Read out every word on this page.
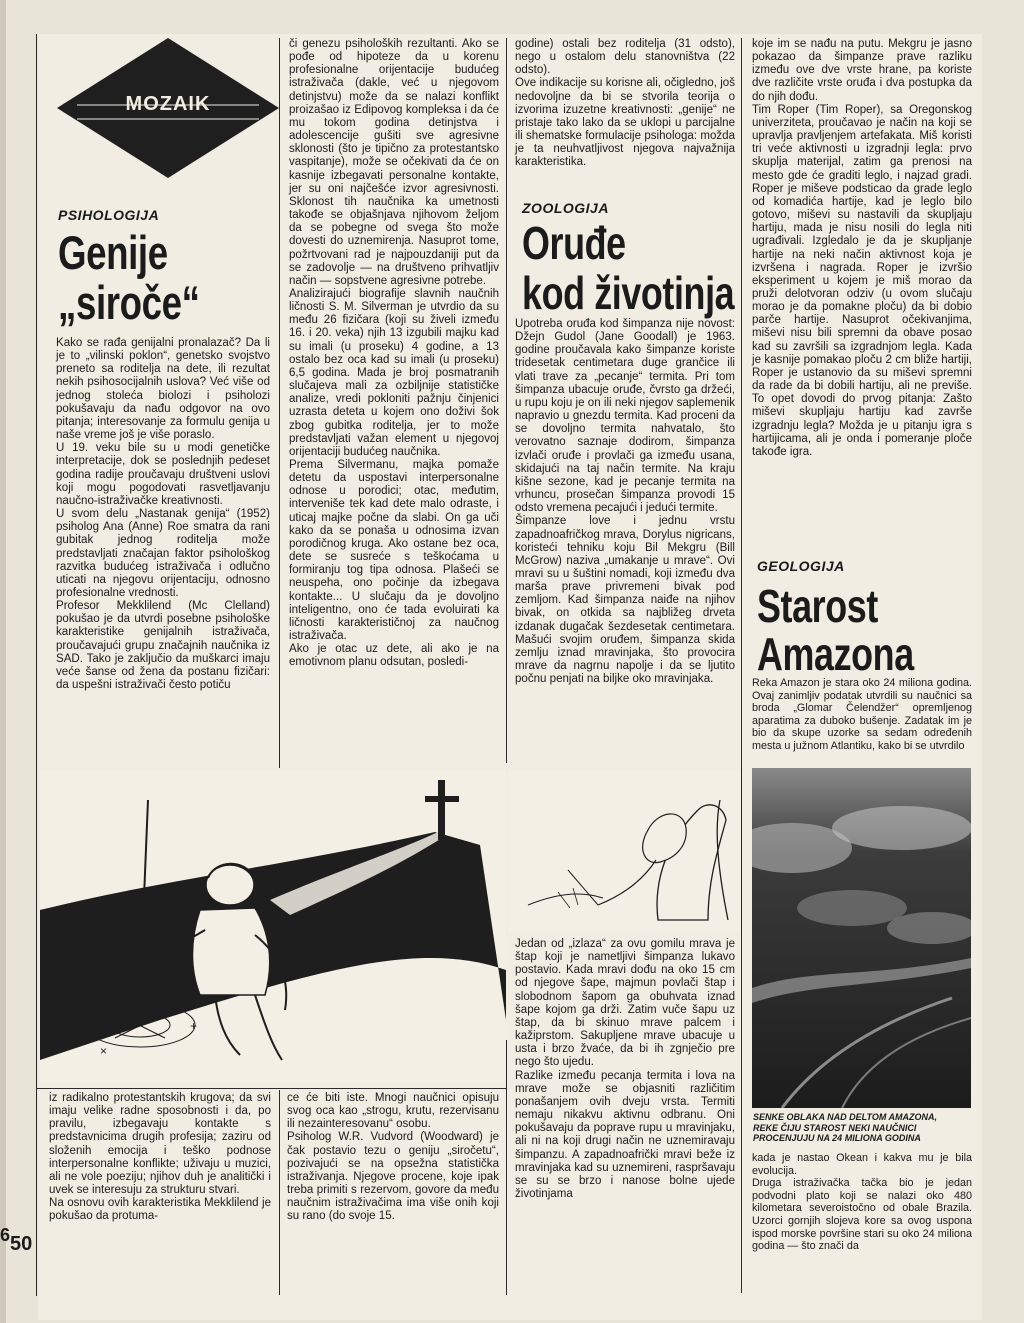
6
MOZAIK
PSIHOLOGIJA
Genije
„siroče“
Kako se rađa genijalni pronalazač? Da li je to „vilinski poklon“, genetsko svojstvo preneto sa roditelja na dete, ili rezultat nekih psihosocijalnih uslova? Već više od jednog stoleća biolozi i psiholozi pokušavaju da nađu odgovor na ovo pitanja; interesovanje za formulu genija u naše vreme još je više poraslo.
U 19. veku bile su u modi genetičke interpretacije, dok se poslednjih pedeset godina radije proučavaju društveni uslovi koji mogu pogodovati rasvetljavanju naučno-istraživačke kreativnosti.
U svom delu „Nastanak genija“ (1952) psiholog Ana (Anne) Roe smatra da rani gubitak jednog roditelja može predstavljati značajan faktor psihološkog razvitka budućeg istraživača i odlučno uticati na njegovu orijentaciju, odnosno profesionalne vrednosti.
Profesor Mekklilend (Mc Clelland) pokušao je da utvrdi posebne psihološke karakteristike genijalnih istraživača, proučavajući grupu značajnih naučnika iz SAD. Tako je zaključio da muškarci imaju veće šanse od žena da postanu fizičari: da uspešni istraživači često potiču
či genezu psiholoških rezultanti. Ako se pođe od hipoteze da u korenu profesionalne orijentacije budućeg istraživača (dakle, već u njegovom detinjstvu) može da se nalazi konflikt proizašao iz Edipovog kompleksa i da će mu tokom godina detinjstva i adolescencije gušiti sve agresivne sklonosti (što je tipično za protestantsko vaspitanje), može se očekivati da će on kasnije izbegavati personalne kontakte, jer su oni najčešće izvor agresivnosti. Sklonost tih naučnika ka umetnosti takođe se objašnjava njihovom željom da se pobegne od svega što može dovesti do uznemirenja. Nasuprot tome, požrtvovani rad je najpouzdaniji put da se zadovolje — na društveno prihvatljiv način — sopstvene agresivne potrebe.
Analizirajući biografije slavnih naučnih ličnosti S. M. Silverman je utvrdio da su među 26 fizičara (koji su živeli između 16. i 20. veka) njih 13 izgubili majku kad su imali (u proseku) 4 godine, a 13 ostalo bez oca kad su imali (u proseku) 6,5 godina. Mada je broj posmatranih slučajeva mali za ozbiljnije statističke analize, vredi pokloniti pažnju činjenici uzrasta deteta u kojem ono doživi šok zbog gubitka roditelja, jer to može predstavljati važan element u njegovoj orijentaciji budućeg naučnika.
Prema Silvermanu, majka pomaže detetu da uspostavi interpersonalne odnose u porodici; otac, međutim, interveniše tek kad dete malo odraste, i uticaj majke počne da slabi. On ga uči kako da se ponaša u odnosima izvan porodičnog kruga. Ako ostane bez oca, dete se susreće s teškoćama u formiranju tog tipa odnosa. Plašeći se neuspeha, ono počinje da izbegava kontakte... U slučaju da je dovoljno inteligentno, ono će tada evoluirati ka ličnosti karakterističnoj za naučnog istraživača.
Ako je otac uz dete, ali ako je na emotivnom planu odsutan, posledi-
+
+
×
iz radikalno protestantskih krugova; da svi imaju velike radne sposobnosti i da, po pravilu, izbegavaju kontakte s predstavnicima drugih profesija; zaziru od složenih emocija i teško podnose interpersonalne konflikte; uživaju u muzici, ali ne vole poeziju; njihov duh je analitički i uvek se interesuju za strukturu stvari.
Na osnovu ovih karakteristika Mekklilend je pokušao da protuma-
ce će biti iste. Mnogi naučnici opisuju svog oca kao „strogu, krutu, rezervisanu ili nezainteresovanu“ osobu.
Psiholog W.R. Vudvord (Woodward) je čak postavio tezu o geniju „siročetu“, pozivajući se na opsežna statistička istraživanja. Njegove procene, koje ipak treba primiti s rezervom, govore da među naučnim istraživačima ima više onih koji su rano (do svoje 15.
godine) ostali bez roditelja (31 odsto), nego u ostalom delu stanovništva (22 odsto).
Ove indikacije su korisne ali, očigledno, još nedovoljne da bi se stvorila teorija o izvorima izuzetne kreativnosti: „genije“ ne pristaje tako lako da se uklopi u parcijalne ili shematske formulacije psihologa: možda je ta neuhvatljivost njegova najvažnija karakteristika.
ZOOLOGIJA
Oruđe
kod životinja
Upotreba oruđa kod šimpanza nije novost: Džejn Gudol (Jane Goodall) je 1963. godine proučavala kako šimpanze koriste tridesetak centimetara duge grančice ili vlati trave za „pecanje“ termita. Pri tom šimpanza ubacuje oruđe, čvrsto ga držeći, u rupu koju je on ili neki njegov saplemenik napravio u gnezdu termita. Kad proceni da se dovoljno termita nahvatalo, što verovatno saznaje dodirom, šimpanza izvlači oruđe i provlači ga između usana, skidajući na taj način termite. Na kraju kišne sezone, kad je pecanje termita na vrhuncu, prosečan šimpanza provodi 15 odsto vremena pecajući i jedući termite.
Šimpanze love i jednu vrstu zapadnoafričkog mrava, Dorylus nigricans, koristeći tehniku koju Bil Mekgru (Bill McGrow) naziva „umakanje u mrave“. Ovi mravi su u šuštini nomadi, koji između dva marša prave privremeni bivak pod zemljom. Kad šimpanza naiđe na njihov bivak, on otkida sa najbližeg drveta izdanak dugačak šezdesetak centimetara. Mašući svojim oruđem, šimpanza skida zemlju iznad mravinjaka, što provocira mrave da nagrnu napolje i da se ljutito počnu penjati na biljke oko mravinjaka.
Jedan od „izlaza“ za ovu gomilu mrava je štap koji je nametljivi šimpanza lukavo postavio. Kada mravi dođu na oko 15 cm od njegove šape, majmun povlači štap i slobodnom šapom ga obuhvata iznad šape kojom ga drži. Zatim vuče šapu uz štap, da bi skinuo mrave palcem i kažiprstom. Sakupljene mrave ubacuje u usta i brzo žvaće, da bi ih zgnječio pre nego što ujedu.
Razlike između pecanja termita i lova na mrave može se objasniti različitim ponašanjem ovih dveju vrsta. Termiti nemaju nikakvu aktivnu odbranu. Oni pokušavaju da poprave rupu u mravinjaku, ali ni na koji drugi način ne uznemiravaju šimpanzu. A zapadnoafrički mravi beže iz mravinjaka kad su uznemireni, raspršavaju se su se brzo i nanose bolne ujede životinjama
koje im se nađu na putu. Mekgru je jasno pokazao da šimpanze prave razliku između ove dve vrste hrane, pa koriste dve različite vrste oruđa i dva postupka da do njih dođu.
Tim Roper (Tim Roper), sa Oregonskog univerziteta, proučavao je način na koji se upravlja pravljenjem artefakata. Miš koristi tri veće aktivnosti u izgradnji legla: prvo skuplja materijal, zatim ga prenosi na mesto gde će graditi leglo, i najzad gradi. Roper je miševe podsticao da grade leglo od komadića hartije, kad je leglo bilo gotovo, miševi su nastavili da skupljaju hartiju, mada je nisu nosili do legla niti ugrađivali. Izgledalo je da je skupljanje hartije na neki način aktivnost koja je izvršena i nagrada. Roper je izvršio eksperiment u kojem je miš morao da pruži delotvoran odziv (u ovom slučaju morao je da pomakne ploču) da bi dobio parče hartije. Nasuprot očekivanjima, miševi nisu bili spremni da obave posao kad su završili sa izgradnjom legla. Kada je kasnije pomakao ploču 2 cm bliže hartiji, Roper je ustanovio da su miševi spremni da rade da bi dobili hartiju, ali ne previše. To opet dovodi do prvog pitanja: Zašto miševi skupljaju hartiju kad završe izgradnju legla? Možda je u pitanju igra s hartijicama, ali je onda i pomeranje ploče takođe igra.
GEOLOGIJA
Starost
Amazona
Reka Amazon je stara oko 24 miliona godina. Ovaj zanimljiv podatak utvrdili su naučnici sa broda „Glomar Čelendžer“ opremljenog aparatima za duboko bušenje. Zadatak im je bio da skupe uzorke sa sedam određenih mesta u južnom Atlantiku, kako bi se utvrdilo
SENKE OBLAKA NAD DELTOM AMAZONA,
REKE ČIJU STAROST NEKI NAUČNICI
PROCENJUJU NA 24 MILIONA GODINA
kada je nastao Okean i kakva mu je bila evolucija.
Druga istraživačka tačka bio je jedan podvodni plato koji se nalazi oko 480 kilometara severoistočno od obale Brazila. Uzorci gornjih slojeva kore sa ovog uspona ispod morske površine stari su oko 24 miliona godina — što znači da
50
